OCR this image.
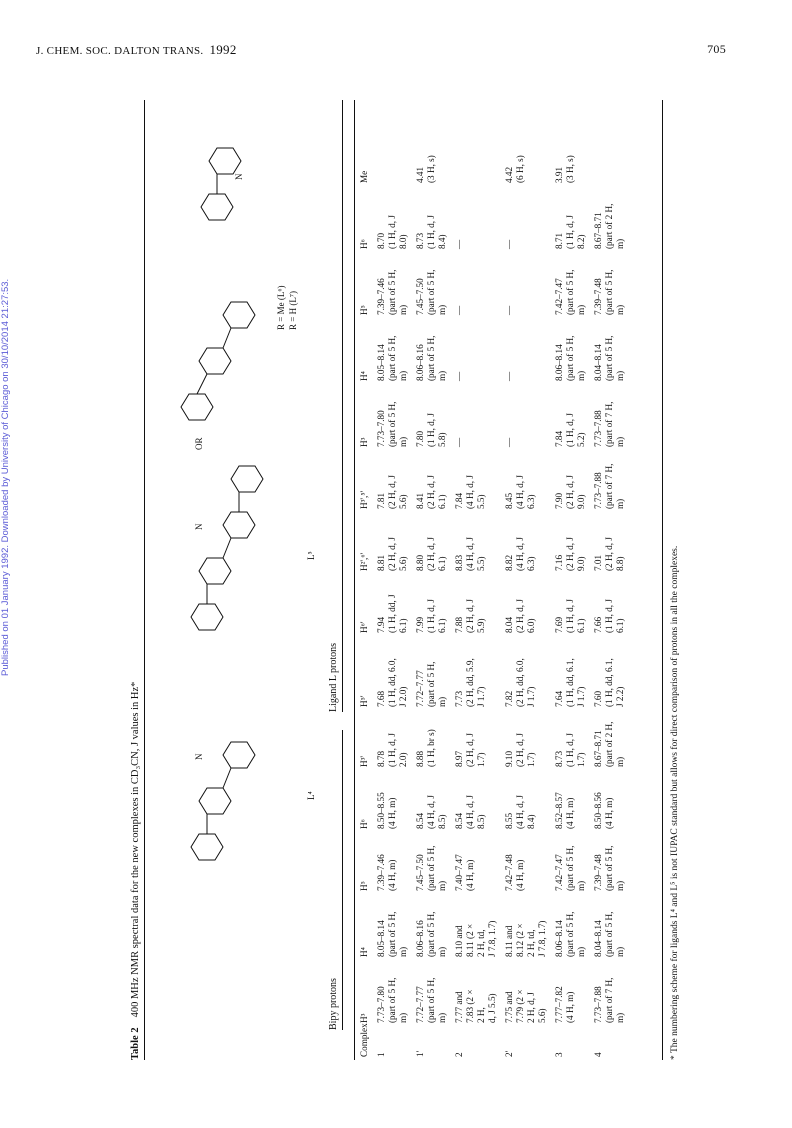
J. CHEM. SOC. DALTON TRANS. 1992	705
Published on 01 January 1992. Downloaded by University of Chicago on 30/10/2014 21:27:53.
Table 2400 MHz NMR spectral data for the new complexes in CD₃CN, J values in Hz*	L⁴
L⁵
OR
R = Me (L⁶) R = H (L⁷)
N
N
N
Bipy protons
Ligand L protons
Complex	H³	H⁴	H⁵	H⁶	H³'	H⁵'	H⁶'	H²',⁶'	H³',⁵'	H³	H⁴	H⁵	H⁶	Me
1	7.73–7.80
(part of 5 H,
m)	8.05–8.14
(part of 5 H,
m)	7.39–7.46
(4 H, m)	8.50–8.55
(4 H, m)	8.78
(1 H, d, J
2.0)	7.68
(1 H, dd, 6.0,
J 2.0)	7.94
(1 H, dd, J
6.1)	8.81
(2 H, d, J
5.6)	7.81
(2 H, d, J
5.6)	7.73–7.80
(part of 5 H,
m)	8.05–8.14
(part of 5 H,
m)	7.39–7.46
(part of 5 H,
m)	8.70
(1 H, d, J
8.0)	
1'	7.72–7.77
(part of 5 H,
m)	8.06–8.16
(part of 5 H,
m)	7.45–7.50
(part of 5 H,
m)	8.54
(4 H, d, J
8.5)	8.88
(1 H, br s)	7.72–7.77
(part of 5 H,
m)	7.99
(1 H, d, J
6.1)	8.80
(2 H, d, J
6.1)	8.41
(2 H, d, J
6.1)	7.80
(1 H, d, J
5.8)	8.06–8.16
(part of 5 H,
m)	7.45–7.50
(part of 5 H,
m)	8.73
(1 H, d, J
8.4)	4.41
(3 H, s)
2	7.77 and
7.83 (2 ×
2 H,
d, J 5.5)	8.10 and
8.11 (2 ×
2 H, td,
J 7.8, 1.7)	7.40–7.47
(4 H, m)	8.54
(4 H, d, J
8.5)	8.97
(2 H, d, J
1.7)	7.73
(2 H, dd, 5.9,
J 1.7)	7.88
(2 H, d, J
5.9)	8.83
(4 H, d, J
5.5)	7.84
(4 H, d, J
5.5)	—	—	—	—	
2'	7.75 and
7.79 (2 ×
2 H, d, J
5.6)	8.11 and
8.12 (2 ×
2 H, td,
J 7.8, 1.7)	7.42–7.48
(4 H, m)	8.55
(4 H, d, J
8.4)	9.10
(2 H, d, J
1.7)	7.82
(2 H, dd, 6.0,
J 1.7)	8.04
(2 H, d, J
6.0)	8.82
(4 H, d, J
6.3)	8.45
(4 H, d, J
6.3)	—	—	—	—	4.42
(6 H, s)
3	7.77–7.82
(4 H, m)	8.06–8.14
(part of 5 H,
m)	7.42–7.47
(part of 5 H,
m)	8.52–8.57
(4 H, m)	8.73
(1 H, d, J
1.7)	7.64
(1 H, dd, 6.1,
J 1.7)	7.69
(1 H, d, J
6.1)	7.16
(2 H, d, J
9.0)	7.90
(2 H, d, J
9.0)	7.84
(1 H, d, J
5.2)	8.06–8.14
(part of 5 H,
m)	7.42–7.47
(part of 5 H,
m)	8.71
(1 H, d, J
8.2)	3.91
(3 H, s)
4	7.73–7.88
(part of 7 H,
m)	8.04–8.14
(part of 5 H,
m)	7.39–7.48
(part of 5 H,
m)	8.50–8.56
(4 H, m)	8.67–8.71
(part of 2 H,
m)	7.60
(1 H, dd, 6.1,
J 2.2)	7.66
(1 H, d, J
6.1)	7.01
(2 H, d, J
8.8)	7.73–7.88
(part of 7 H,
m)	7.73–7.88
(part of 7 H,
m)	8.04–8.14
(part of 5 H,
m)	7.39–7.48
(part of 5 H,
m)	8.67–8.71
(part of 2 H,
m)	
* The numbering scheme for ligands L⁴ and L⁵ is not IUPAC standard but allows for direct comparison of protons in all the complexes.
